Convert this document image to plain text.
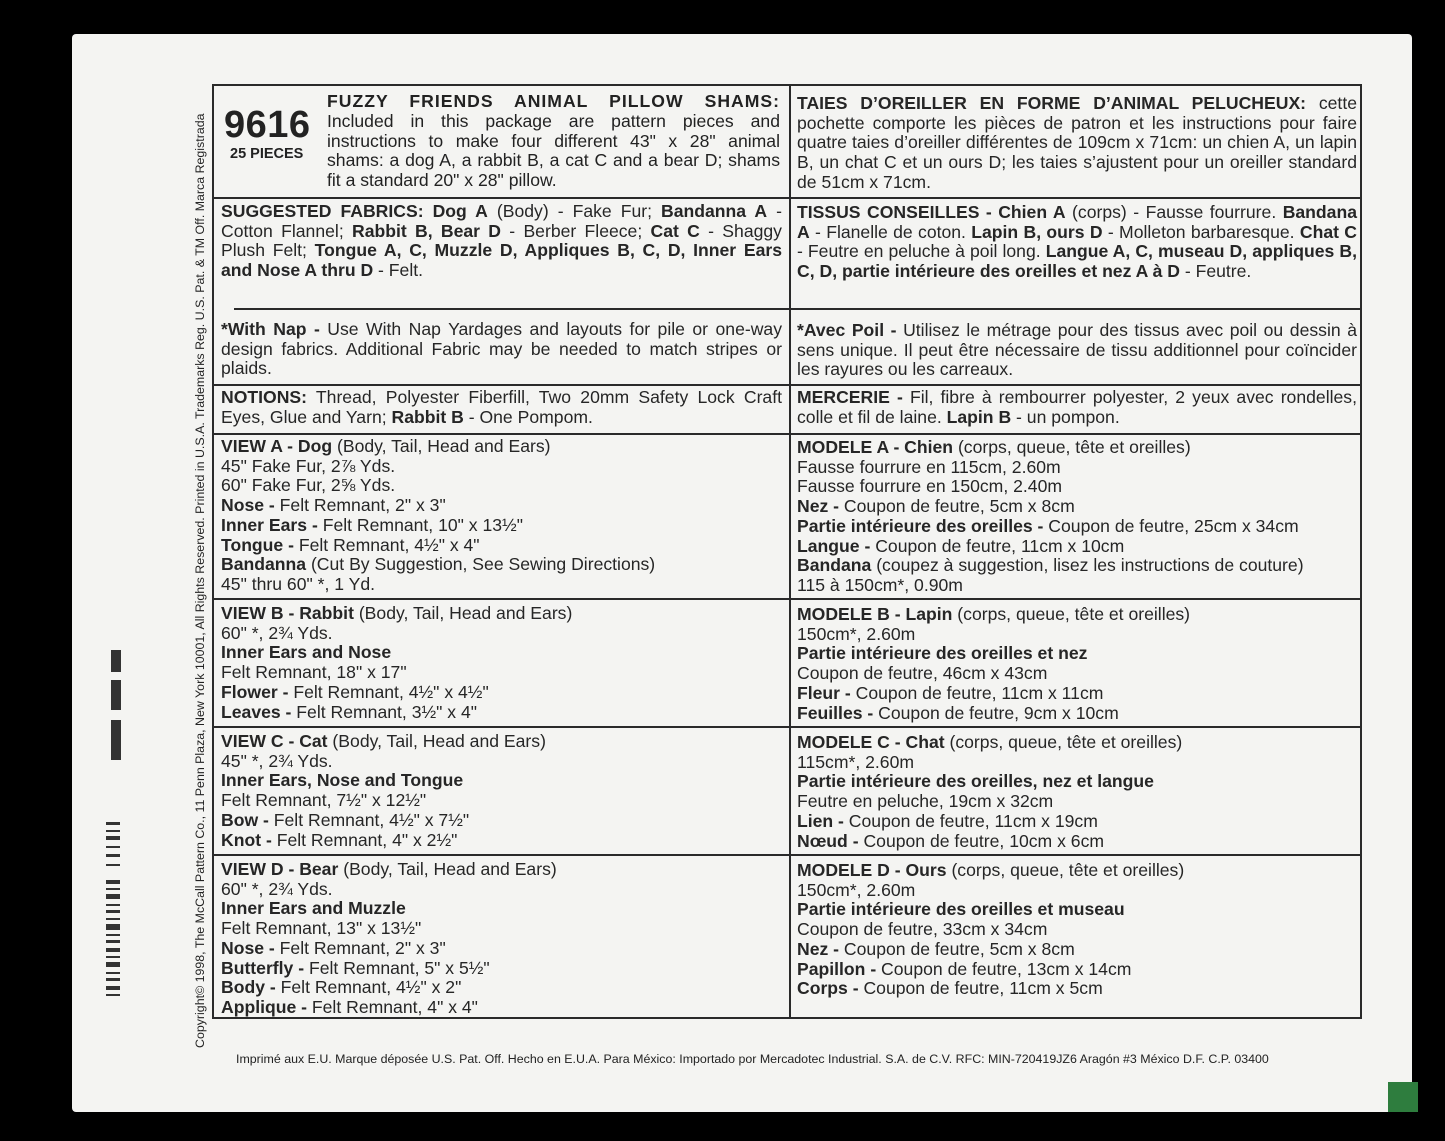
Copyright© 1998, The McCall Pattern Co., 11 Penn Plaza, New York 10001, All Rights Reserved. Printed in U.S.A. Trademarks Reg. U.S. Pat. & TM Off. Marca Registrada 9616
25 PIECES
FUZZY FRIENDS ANIMAL PILLOW SHAMS: Included in this package are pattern pieces and instructions to make four different 43" x 28" animal shams: a dog A, a rabbit B, a cat C and a bear D; shams fit a standard 20" x 28" pillow.
TAIES D’OREILLER EN FORME D’ANIMAL PELUCHEUX: cette pochette comporte les pièces de patron et les instructions pour faire quatre taies d’oreiller différentes de 109cm x 71cm: un chien A, un lapin B, un chat C et un ours D; les taies s’ajustent pour un oreiller standard de 51cm x 71cm.
SUGGESTED FABRICS: Dog A (Body) - Fake Fur; Bandanna A - Cotton Flannel; Rabbit B, Bear D - Berber Fleece; Cat C - Shaggy Plush Felt; Tongue A, C, Muzzle D, Appliques B, C, D, Inner Ears and Nose A thru D - Felt.
TISSUS CONSEILLES - Chien A (corps) - Fausse fourrure. Bandana A - Flanelle de coton. Lapin B, ours D - Molleton barbaresque. Chat C - Feutre en peluche à poil long. Langue A, C, museau D, appliques B, C, D, partie intérieure des oreilles et nez A à D - Feutre.
*With Nap - Use With Nap Yardages and layouts for pile or one-way design fabrics. Additional Fabric may be needed to match stripes or plaids.
*Avec Poil - Utilisez le métrage pour des tissus avec poil ou dessin à sens unique. Il peut être nécessaire de tissu additionnel pour coïncider les rayures ou les carreaux.
NOTIONS: Thread, Polyester Fiberfill, Two 20mm Safety Lock Craft Eyes, Glue and Yarn; Rabbit B - One Pompom.
MERCERIE - Fil, fibre à rembourrer polyester, 2 yeux avec rondelles, colle et fil de laine. Lapin B - un pompon.
VIEW A - Dog (Body, Tail, Head and Ears)
45" Fake Fur, 2⅞ Yds.
60" Fake Fur, 2⅝ Yds.
Nose - Felt Remnant, 2" x 3"
Inner Ears - Felt Remnant, 10" x 13½"
Tongue - Felt Remnant, 4½" x 4"
Bandanna (Cut By Suggestion, See Sewing Directions)
45" thru 60" *, 1 Yd.
MODELE A - Chien (corps, queue, tête et oreilles)
Fausse fourrure en 115cm, 2.60m
Fausse fourrure en 150cm, 2.40m
Nez - Coupon de feutre, 5cm x 8cm
Partie intérieure des oreilles - Coupon de feutre, 25cm x 34cm
Langue - Coupon de feutre, 11cm x 10cm
Bandana (coupez à suggestion, lisez les instructions de couture)
115 à 150cm*, 0.90m
VIEW B - Rabbit (Body, Tail, Head and Ears)
60" *, 2¾ Yds.
Inner Ears and Nose
Felt Remnant, 18" x 17"
Flower - Felt Remnant, 4½" x 4½"
Leaves - Felt Remnant, 3½" x 4"
MODELE B - Lapin (corps, queue, tête et oreilles)
150cm*, 2.60m
Partie intérieure des oreilles et nez
Coupon de feutre, 46cm x 43cm
Fleur - Coupon de feutre, 11cm x 11cm
Feuilles - Coupon de feutre, 9cm x 10cm
VIEW C - Cat (Body, Tail, Head and Ears)
45" *, 2¾ Yds.
Inner Ears, Nose and Tongue
Felt Remnant, 7½" x 12½"
Bow - Felt Remnant, 4½" x 7½"
Knot - Felt Remnant, 4" x 2½"
MODELE C - Chat (corps, queue, tête et oreilles)
115cm*, 2.60m
Partie intérieure des oreilles, nez et langue
Feutre en peluche, 19cm x 32cm
Lien - Coupon de feutre, 11cm x 19cm
Nœud - Coupon de feutre, 10cm x 6cm
VIEW D - Bear (Body, Tail, Head and Ears)
60" *, 2¾ Yds.
Inner Ears and Muzzle
Felt Remnant, 13" x 13½"
Nose - Felt Remnant, 2" x 3"
Butterfly - Felt Remnant, 5" x 5½"
Body - Felt Remnant, 4½" x 2"
Applique - Felt Remnant, 4" x 4"
MODELE D - Ours (corps, queue, tête et oreilles)
150cm*, 2.60m
Partie intérieure des oreilles et museau
Coupon de feutre, 33cm x 34cm
Nez - Coupon de feutre, 5cm x 8cm
Papillon - Coupon de feutre, 13cm x 14cm
Corps - Coupon de feutre, 11cm x 5cm
Imprimé aux E.U. Marque déposée U.S. Pat. Off. Hecho en E.U.A. Para México: Importado por Mercadotec Industrial. S.A. de C.V. RFC: MIN-720419JZ6 Aragón #3 México D.F. C.P. 03400
